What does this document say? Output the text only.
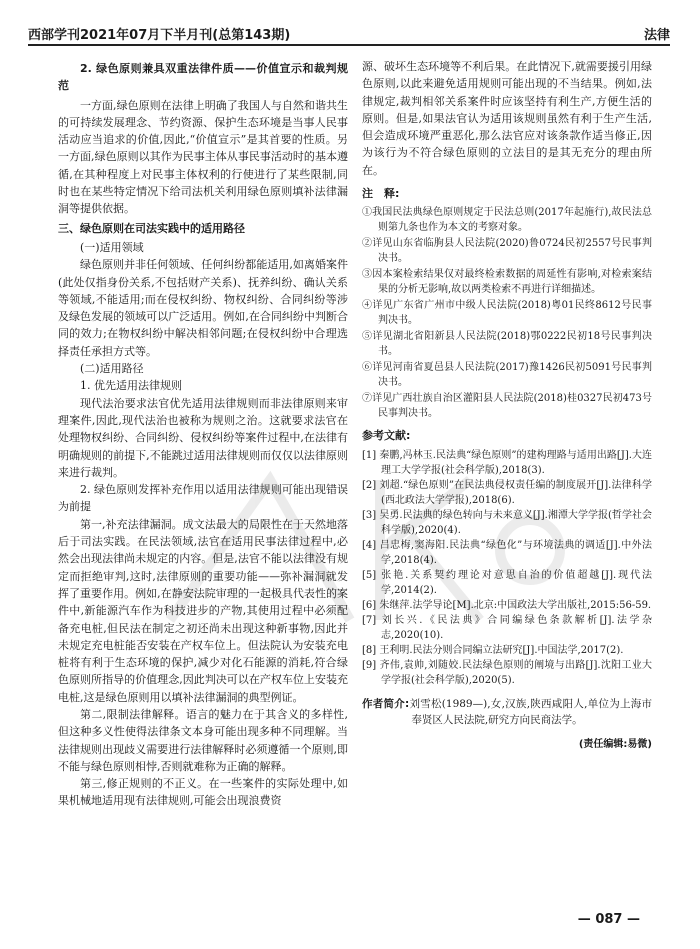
西部学刊2021年07月下半月刊(总第143期)	法律

2. 绿色原则兼具双重法律件质——价值宣示和裁判规范

一方面,绿色原则在法律上明确了我国人与自然和谐共生的可持续发展理念、节约资源、保护生态环境是当事人民事活动应当追求的价值,因此,“价值宣示”是其首要的性质。另一方面,绿色原则以其作为民事主体从事民事活动时的基本遵循,在其种程度上对民事主体权利的行使进行了某些限制,同时也在某些特定情况下给司法机关利用绿色原则填补法律漏洞等提供依据。

三、绿色原则在司法实践中的适用路径

(一)适用领域

绿色原则并非任何领域、任何纠纷都能适用,如离婚案件(此处仅指身份关系,不包括财产关系)、抚养纠纷、确认关系等领域,不能适用;而在侵权纠纷、物权纠纷、合同纠纷等涉及绿色发展的领域可以广泛适用。例如,在合同纠纷中判断合同的效力;在物权纠纷中解决相邻问题;在侵权纠纷中合理选择责任承担方式等。

(二)适用路径

1. 优先适用法律规则

现代法治要求法官优先适用法律规则而非法律原则来审理案件,因此,现代法治也被称为规则之治。这就要求法官在处理物权纠纷、合同纠纷、侵权纠纷等案件过程中,在法律有明确规则的前提下,不能跳过适用法律规则而仅仅以法律原则来进行裁判。

2. 绿色原则发挥补充作用以适用法律规则可能出现错误为前提

第一,补充法律漏洞。成文法最大的局限性在于天然地落后于司法实践。在民法领域,法官在适用民事法律过程中,必然会出现法律尚未规定的内容。但是,法官不能以法律没有规定而拒绝审判,这时,法律原则的重要功能——弥补漏洞就发挥了重要作用。例如,在静安法院审理的一起极具代表性的案件中,新能源汽车作为科技进步的产物,其使用过程中必须配备充电桩,但民法在制定之初还尚未出现这种新事物,因此并未规定充电桩能否安装在产权车位上。但法院认为安装充电桩将有利于生态环境的保护,减少对化石能源的消耗,符合绿色原则所指导的价值理念,因此判决可以在产权车位上安装充电桩,这是绿色原则用以填补法律漏洞的典型例证。

第二,限制法律解释。语言的魅力在于其含义的多样性,但这种多义性使得法律条文本身可能出现多种不同理解。当法律规则出现歧义需要进行法律解释时必须遵循一个原则,即不能与绿色原则相悖,否则就难称为正确的解释。

第三,修正规则的不正义。在一些案件的实际处理中,如果机械地适用现有法律规则,可能会出现浪费资

源、破坏生态环境等不利后果。在此情况下,就需要援引用绿色原则,以此来避免适用规则可能出现的不当结果。例如,法律规定,裁判相邻关系案件时应该坚持有利生产,方便生活的原则。但是,如果法官认为适用该规则虽然有利于生产生活,但会造成环境严重恶化,那么法官应对该条款作适当修正,因为该行为不符合绿色原则的立法目的是其无充分的理由所在。

注　释:

①我国民法典绿色原则规定于民法总则(2017年起施行),故民法总则第九条也作为本文的考察对象。

②详见山东省临朐县人民法院(2020)鲁0724民初2557号民事判决书。

③因本案检索结果仅对最终检索数据的周延性有影响,对检索案结果的分析无影响,故以两类检索不再进行详细描述。

④详见广东省广州市中级人民法院(2018)粤01民终8612号民事判决书。

⑤详见湖北省阳新县人民法院(2018)鄂0222民初18号民事判决书。

⑥详见河南省夏邑县人民法院(2017)豫1426民初5091号民事判决书。

⑦详见广西壮族自治区灌阳县人民法院(2018)桂0327民初473号民事判决书。

参考文献:

[1] 秦鹏,冯林玉.民法典“绿色原则”的建构理路与适用出路[J].大连理工大学学报(社会科学版),2018(3).

[2] 刘超.“绿色原则”在民法典侵权责任编的制度展开[J].法律科学(西北政法大学学报),2018(6).

[3] 吴勇.民法典的绿色转向与未来意义[J].湘潭大学学报(哲学社会科学版),2020(4).

[4] 吕忠梅,窦海阳.民法典“绿色化”与环境法典的调适[J].中外法学,2018(4).

[5] 张艳.关系契约理论对意思自治的价值超越[J].现代法学,2014(2).

[6] 朱继萍.法学导论[M].北京:中国政法大学出版社,2015:56-59.

[7] 刘长兴.《民法典》合同编绿色条款解析[J].法学杂志,2020(10).

[8] 王利明.民法分则合同编立法研究[J].中国法学,2017(2).

[9] 齐伟,袁帅,刘随姣.民法绿色原则的阐境与出路[J].沈阳工业大学学报(社会科学版),2020(5).

作者简介:刘雪松(1989—),女,汉族,陕西咸阳人,单位为上海市奉贤区人民法院,研究方向民商法学。

(责任编辑:易微)

— 087 —
